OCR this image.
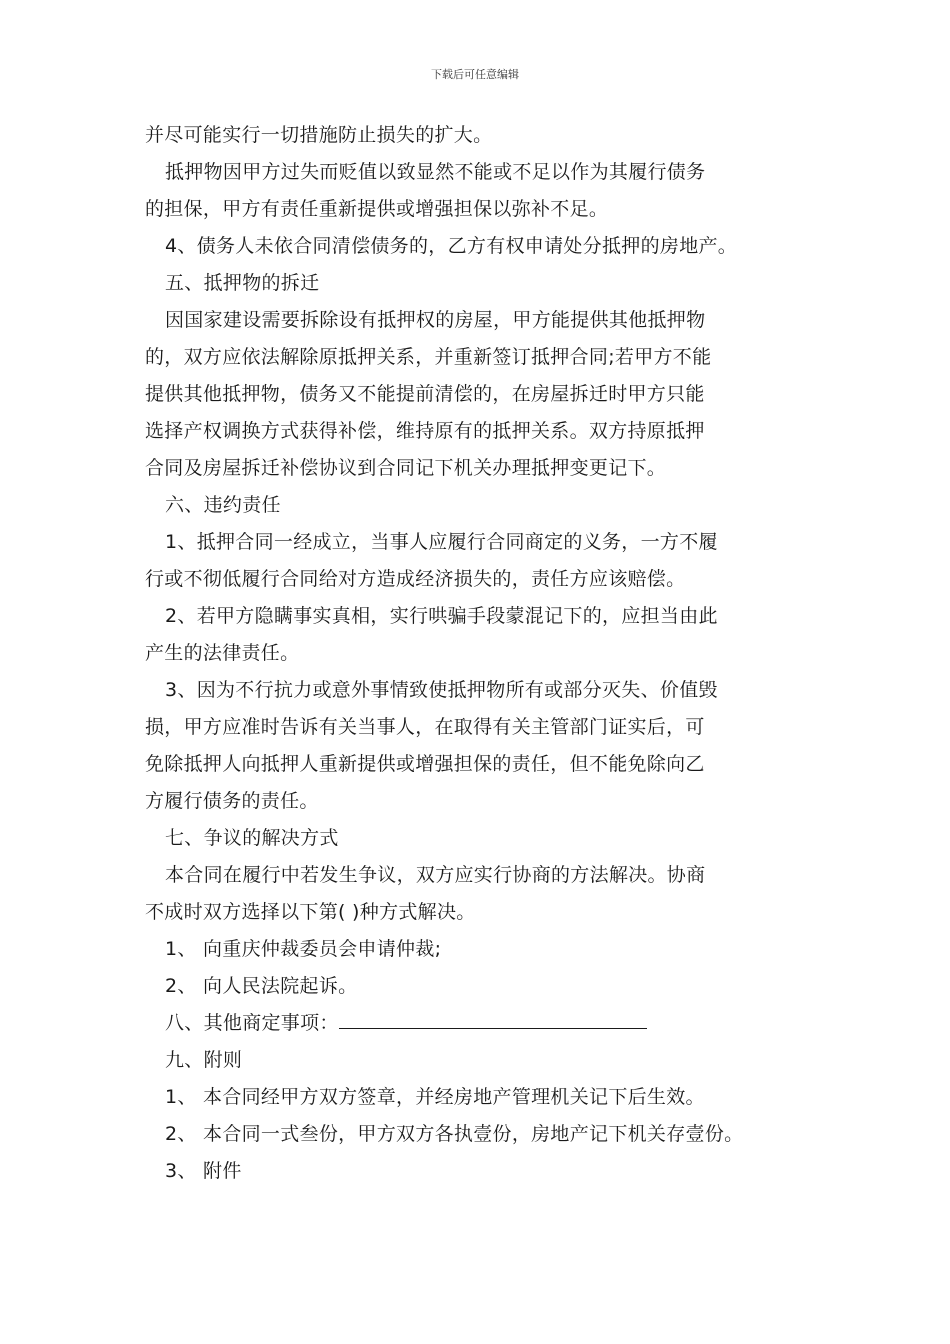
下载后可任意编辑
并尽可能实行一切措施防止损失的扩大。
抵押物因甲方过失而贬值以致显然不能或不足以作为其履行债务
的担保，甲方有责任重新提供或增强担保以弥补不足。
4、债务人未依合同清偿债务的，乙方有权申请处分抵押的房地产。
五、抵押物的拆迁
因国家建设需要拆除设有抵押权的房屋，甲方能提供其他抵押物
的，双方应依法解除原抵押关系，并重新签订抵押合同;若甲方不能
提供其他抵押物，债务又不能提前清偿的，在房屋拆迁时甲方只能
选择产权调换方式获得补偿，维持原有的抵押关系。双方持原抵押
合同及房屋拆迁补偿协议到合同记下机关办理抵押变更记下。
六、违约责任
1、抵押合同一经成立，当事人应履行合同商定的义务，一方不履
行或不彻低履行合同给对方造成经济损失的，责任方应该赔偿。
2、若甲方隐瞒事实真相，实行哄骗手段蒙混记下的，应担当由此
产生的法律责任。
3、因为不行抗力或意外事情致使抵押物所有或部分灭失、价值毁
损，甲方应准时告诉有关当事人，在取得有关主管部门证实后，可
免除抵押人向抵押人重新提供或增强担保的责任，但不能免除向乙
方履行债务的责任。
七、争议的解决方式
本合同在履行中若发生争议，双方应实行协商的方法解决。协商
不成时双方选择以下第( )种方式解决。
1、 向重庆仲裁委员会申请仲裁;
2、 向人民法院起诉。
八、其他商定事项：
九、附则
1、 本合同经甲方双方签章，并经房地产管理机关记下后生效。
2、 本合同一式叁份，甲方双方各执壹份，房地产记下机关存壹份。
3、 附件
